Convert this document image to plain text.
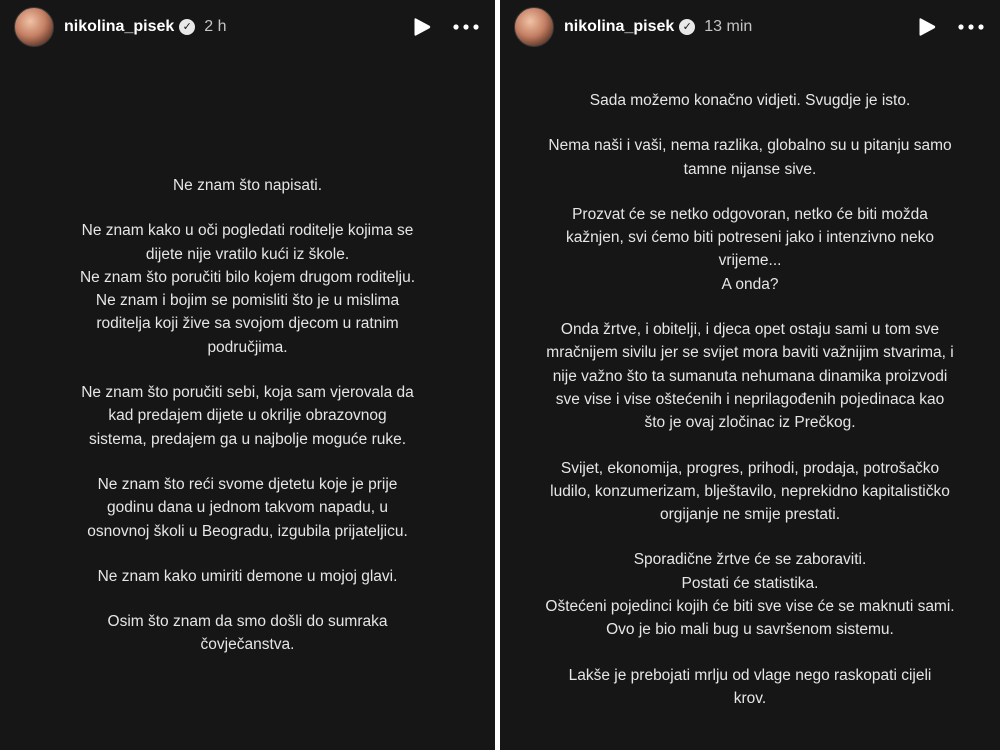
nikolina_pisek ✓ 2 h

Ne znam što napisati.

Ne znam kako u oči pogledati roditelje kojima se
dijete nije vratilo kući iz škole.
Ne znam što poručiti bilo kojem drugom roditelju.
Ne znam i bojim se pomisliti što je u mislima
roditelja koji žive sa svojom djecom u ratnim
područjima.

Ne znam što poručiti sebi, koja sam vjerovala da
kad predajem dijete u okrilje obrazovnog
sistema, predajem ga u najbolje moguće ruke.

Ne znam što reći svome djetetu koje je prije
godinu dana u jednom takvom napadu, u
osnovnoj školi u Beogradu, izgubila prijateljicu.

Ne znam kako umiriti demone u mojoj glavi.

Osim što znam da smo došli do sumraka
čovječanstva.

nikolina_pisek ✓ 13 min

Sada možemo konačno vidjeti. Svugdje je isto.

Nema naši i vaši, nema razlika, globalno su u pitanju samo
tamne nijanse sive.

Prozvat će se netko odgovoran, netko će biti možda
kažnjen, svi ćemo biti potreseni jako i intenzivno neko
vrijeme...
A onda?

Onda žrtve, i obitelji, i djeca opet ostaju sami u tom sve
mračnijem sivilu jer se svijet mora baviti važnijim stvarima, i
nije važno što ta sumanuta nehumana dinamika proizvodi
sve vise i vise oštećenih i neprilagođenih pojedinaca kao
što je ovaj zločinac iz Prečkog.

Svijet, ekonomija, progres, prihodi, prodaja, potrošačko
ludilo, konzumerizam, blještavilo, neprekidno kapitalističko
orgijanje ne smije prestati.

Sporadične žrtve će se zaboraviti.
Postati će statistika.
Oštećeni pojedinci kojih će biti sve vise će se maknuti sami.
Ovo je bio mali bug u savršenom sistemu.

Lakše je prebojati mrlju od vlage nego raskopati cijeli
krov.
